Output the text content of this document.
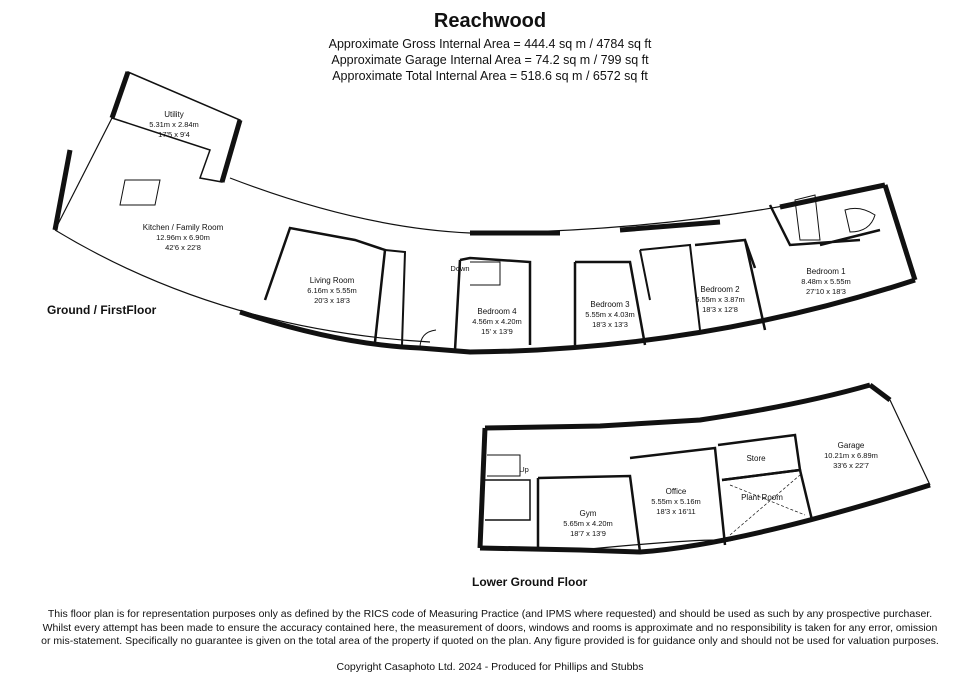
Reachwood
Approximate Gross Internal Area = 444.4 sq m / 4784 sq ft
Approximate Garage Internal Area = 74.2 sq m / 799 sq ft
Approximate Total Internal Area = 518.6 sq m / 6572 sq ft
Utility
5.31m x 2.84m
17'5 x 9'4
Kitchen / Family Room
12.96m x 6.90m
42'6 x 22'8
Living Room
6.16m x 5.55m
20'3 x 18'3
Bedroom 4
4.56m x 4.20m
15' x 13'9
Bedroom 3
5.55m x 4.03m
18'3 x 13'3
Bedroom 2
5.55m x 3.87m
18'3 x 12'8
Bedroom 1
8.48m x 5.55m
27'10 x 18'3
Gym
5.65m x 4.20m
18'7 x 13'9
Office
5.55m x 5.16m
18'3 x 16'11
Store
Plant Room
Garage
10.21m x 6.89m
33'6 x 22'7
Down
Up
Ground / FirstFloor
Lower Ground Floor
This floor plan is for representation purposes only as defined by the RICS code of Measuring Practice (and IPMS where requested) and should be used as such by any prospective purchaser. Whilst every attempt has been made to ensure the accuracy contained here, the measurement of doors, windows and rooms is approximate and no responsibility is taken for any error, omission or mis-statement. Specifically no guarantee is given on the total area of the property if quoted on the plan. Any figure provided is for guidance only and should not be used for valuation purposes.
Copyright Casaphoto Ltd. 2024 - Produced for Phillips and Stubbs
